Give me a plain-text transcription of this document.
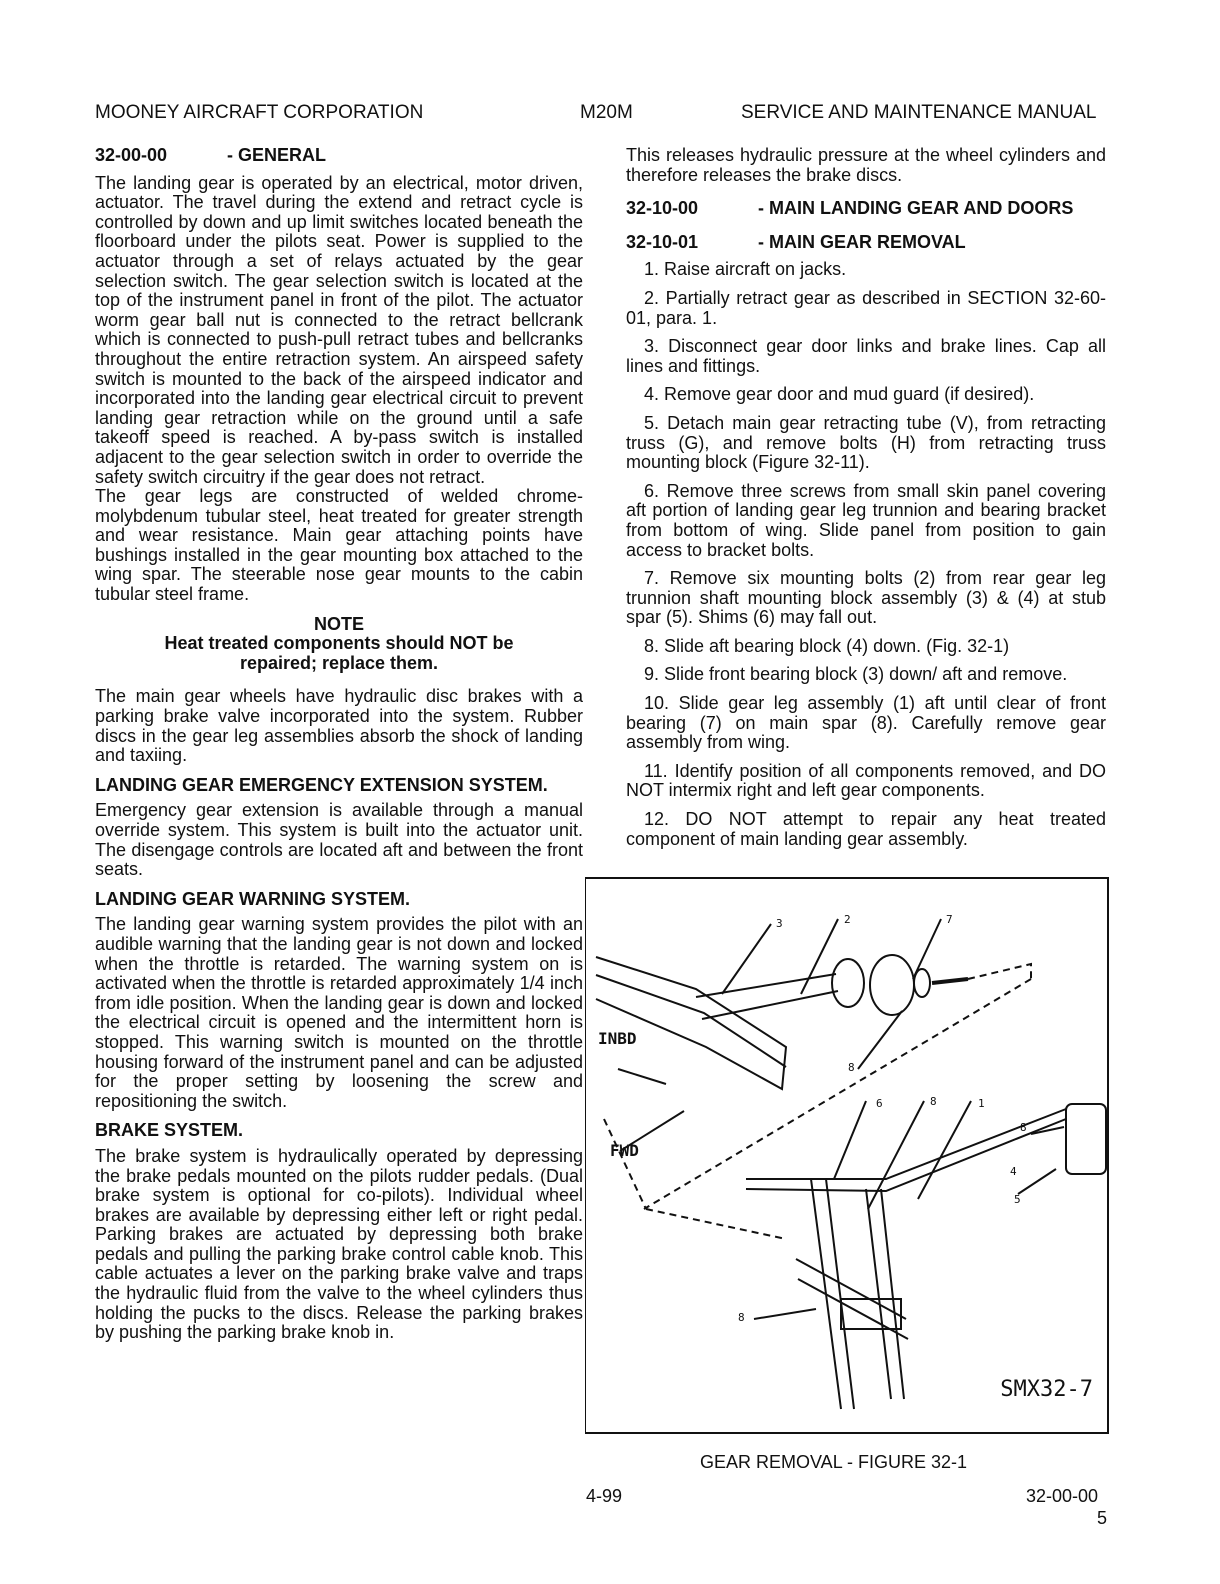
MOONEY AIRCRAFT CORPORATION	M20M	SERVICE AND MAINTENANCE MANUAL
32-00-00	- GENERAL

The landing gear is operated by an electrical, motor driven, actuator. The travel during the extend and retract cycle is controlled by down and up limit switches located beneath the floorboard under the pilots seat. Power is supplied to the actuator through a set of relays actuated by the gear selection switch. The gear selection switch is located at the top of the instrument panel in front of the pilot. The actuator worm gear ball nut is connected to the retract bellcrank which is connected to push-pull retract tubes and bellcranks throughout the entire retraction system. An airspeed safety switch is mounted to the back of the airspeed indicator and incorporated into the landing gear electrical circuit to prevent landing gear retraction while on the ground until a safe takeoff speed is reached. A by-pass switch is installed adjacent to the gear selection switch in order to override the safety switch circuitry if the gear does not retract.

The gear legs are constructed of welded chrome-molybdenum tubular steel, heat treated for greater strength and wear resistance. Main gear attaching points have bushings installed in the gear mounting box attached to the wing spar. The steerable nose gear mounts to the cabin tubular steel frame.

NOTE
Heat treated components should NOT be
repaired; replace them.

The main gear wheels have hydraulic disc brakes with a parking brake valve incorporated into the system. Rubber discs in the gear leg assemblies absorb the shock of landing and taxiing.

LANDING GEAR EMERGENCY EXTENSION SYSTEM.

Emergency gear extension is available through a manual override system. This system is built into the actuator unit. The disengage controls are located aft and between the front seats.

LANDING GEAR WARNING SYSTEM.

The landing gear warning system provides the pilot with an audible warning that the landing gear is not down and locked when the throttle is retarded. The warning system on is activated when the throttle is retarded approximately 1/4 inch from idle position. When the landing gear is down and locked the electrical circuit is opened and the intermittent horn is stopped. This warning switch is mounted on the throttle housing forward of the instrument panel and can be adjusted for the proper setting by loosening the screw and repositioning the switch.

BRAKE SYSTEM.

The brake system is hydraulically operated by depressing the brake pedals mounted on the pilots rudder pedals. (Dual brake system is optional for co-pilots). Individual wheel brakes are available by depressing either left or right pedal. Parking brakes are actuated by depressing both brake pedals and pulling the parking brake control cable knob. This cable actuates a lever on the parking brake valve and traps the hydraulic fluid from the valve to the wheel cylinders thus holding the pucks to the discs. Release the parking brakes by pushing the parking brake knob in.

This releases hydraulic pressure at the wheel cylinders and therefore releases the brake discs.

32-10-00	- MAIN LANDING GEAR AND DOORS
32-10-01	- MAIN GEAR REMOVAL
1. Raise aircraft on jacks.
2. Partially retract gear as described in SECTION 32-60-01, para. 1.
3. Disconnect gear door links and brake lines. Cap all lines and fittings.
4. Remove gear door and mud guard (if desired).
5. Detach main gear retracting tube (V), from retracting truss (G), and remove bolts (H) from retracting truss mounting block (Figure 32-11).
6. Remove three screws from small skin panel covering aft portion of landing gear leg trunnion and bearing bracket from bottom of wing. Slide panel from position to gain access to bracket bolts.
7. Remove six mounting bolts (2) from rear gear leg trunnion shaft mounting block assembly (3) & (4) at stub spar (5). Shims (6) may fall out.
8. Slide aft bearing block (4) down. (Fig. 32-1)
9. Slide front bearing block (3) down/ aft and remove.
10. Slide gear leg assembly (1) aft until clear of front bearing (7) on main spar (8). Carefully remove gear assembly from wing.
11. Identify position of all components removed, and DO NOT intermix right and left gear components.
12. DO NOT attempt to repair any heat treated component of main landing gear assembly.
3	2	7
8
6	8	1
8
5
4
8
INBD
FWD
SMX32-7
GEAR REMOVAL - FIGURE 32-1
4-99	32-00-00
5
